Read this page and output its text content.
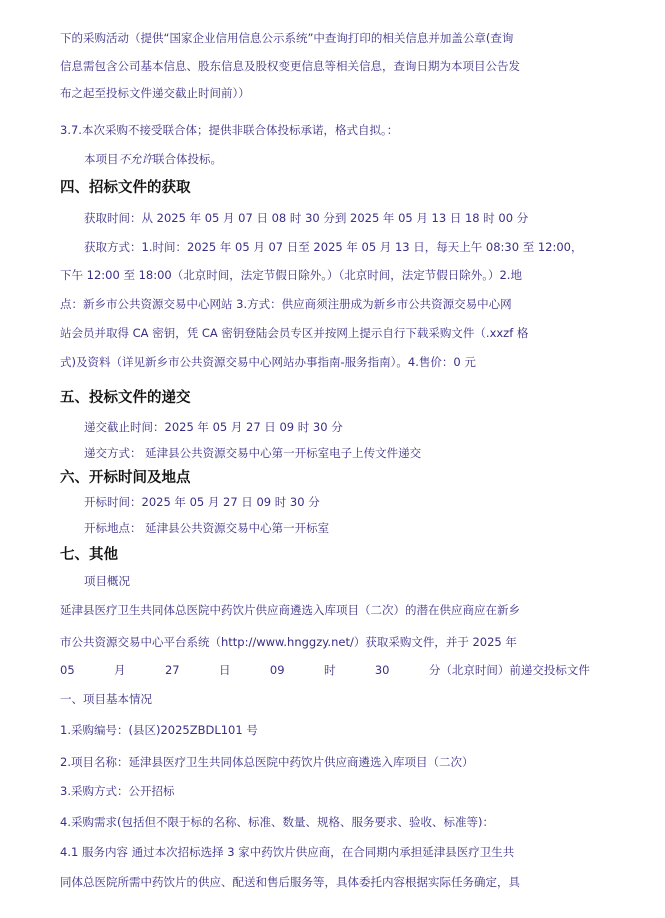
下的采购活动（提供“国家企业信用信息公示系统”中查询打印的相关信息并加盖公章(查询
信息需包含公司基本信息、股东信息及股权变更信息等相关信息，查询日期为本项目公告发
布之起至投标文件递交截止时间前））
3.7.本次采购不接受联合体；提供非联合体投标承诺，格式自拟。：
本项目不允许联合体投标。
四、招标文件的获取
获取时间：从 2025 年 05 月 07 日 08 时 30 分到 2025 年 05 月 13 日 18 时 00 分
获取方式：1.时间：2025 年 05 月 07 日至 2025 年 05 月 13 日，每天上午 08:30 至 12:00，
下午 12:00 至 18:00（北京时间，法定节假日除外。）（北京时间，法定节假日除外。）2.地
点：新乡市公共资源交易中心网站 3.方式：供应商须注册成为新乡市公共资源交易中心网
站会员并取得 CA 密钥，凭 CA 密钥登陆会员专区并按网上提示自行下载采购文件（.xxzf 格
式)及资料（详见新乡市公共资源交易中心网站办事指南-服务指南）。4.售价：0 元
五、投标文件的递交
递交截止时间：2025 年 05 月 27 日 09 时 30 分
递交方式： 延津县公共资源交易中心第一开标室电子上传文件递交
六、开标时间及地点
开标时间：2025 年 05 月 27 日 09 时 30 分
开标地点： 延津县公共资源交易中心第一开标室
七、其他
项目概况
延津县医疗卫生共同体总医院中药饮片供应商遴选入库项目（二次）的潜在供应商应在新乡
市公共资源交易中心平台系统（http://www.hnggzy.net/）获取采购文件，并于 2025 年
05	月	27	日	09	时	30	分（北京时间）前递交投标文件
一、项目基本情况
1.采购编号：(县区)2025ZBDL101 号
2.项目名称：延津县医疗卫生共同体总医院中药饮片供应商遴选入库项目（二次）
3.采购方式：公开招标
4.采购需求(包括但不限于标的名称、标准、数量、规格、服务要求、验收、标准等)：
4.1 服务内容 通过本次招标选择 3 家中药饮片供应商，在合同期内承担延津县医疗卫生共
同体总医院所需中药饮片的供应、配送和售后服务等，具体委托内容根据实际任务确定，具
